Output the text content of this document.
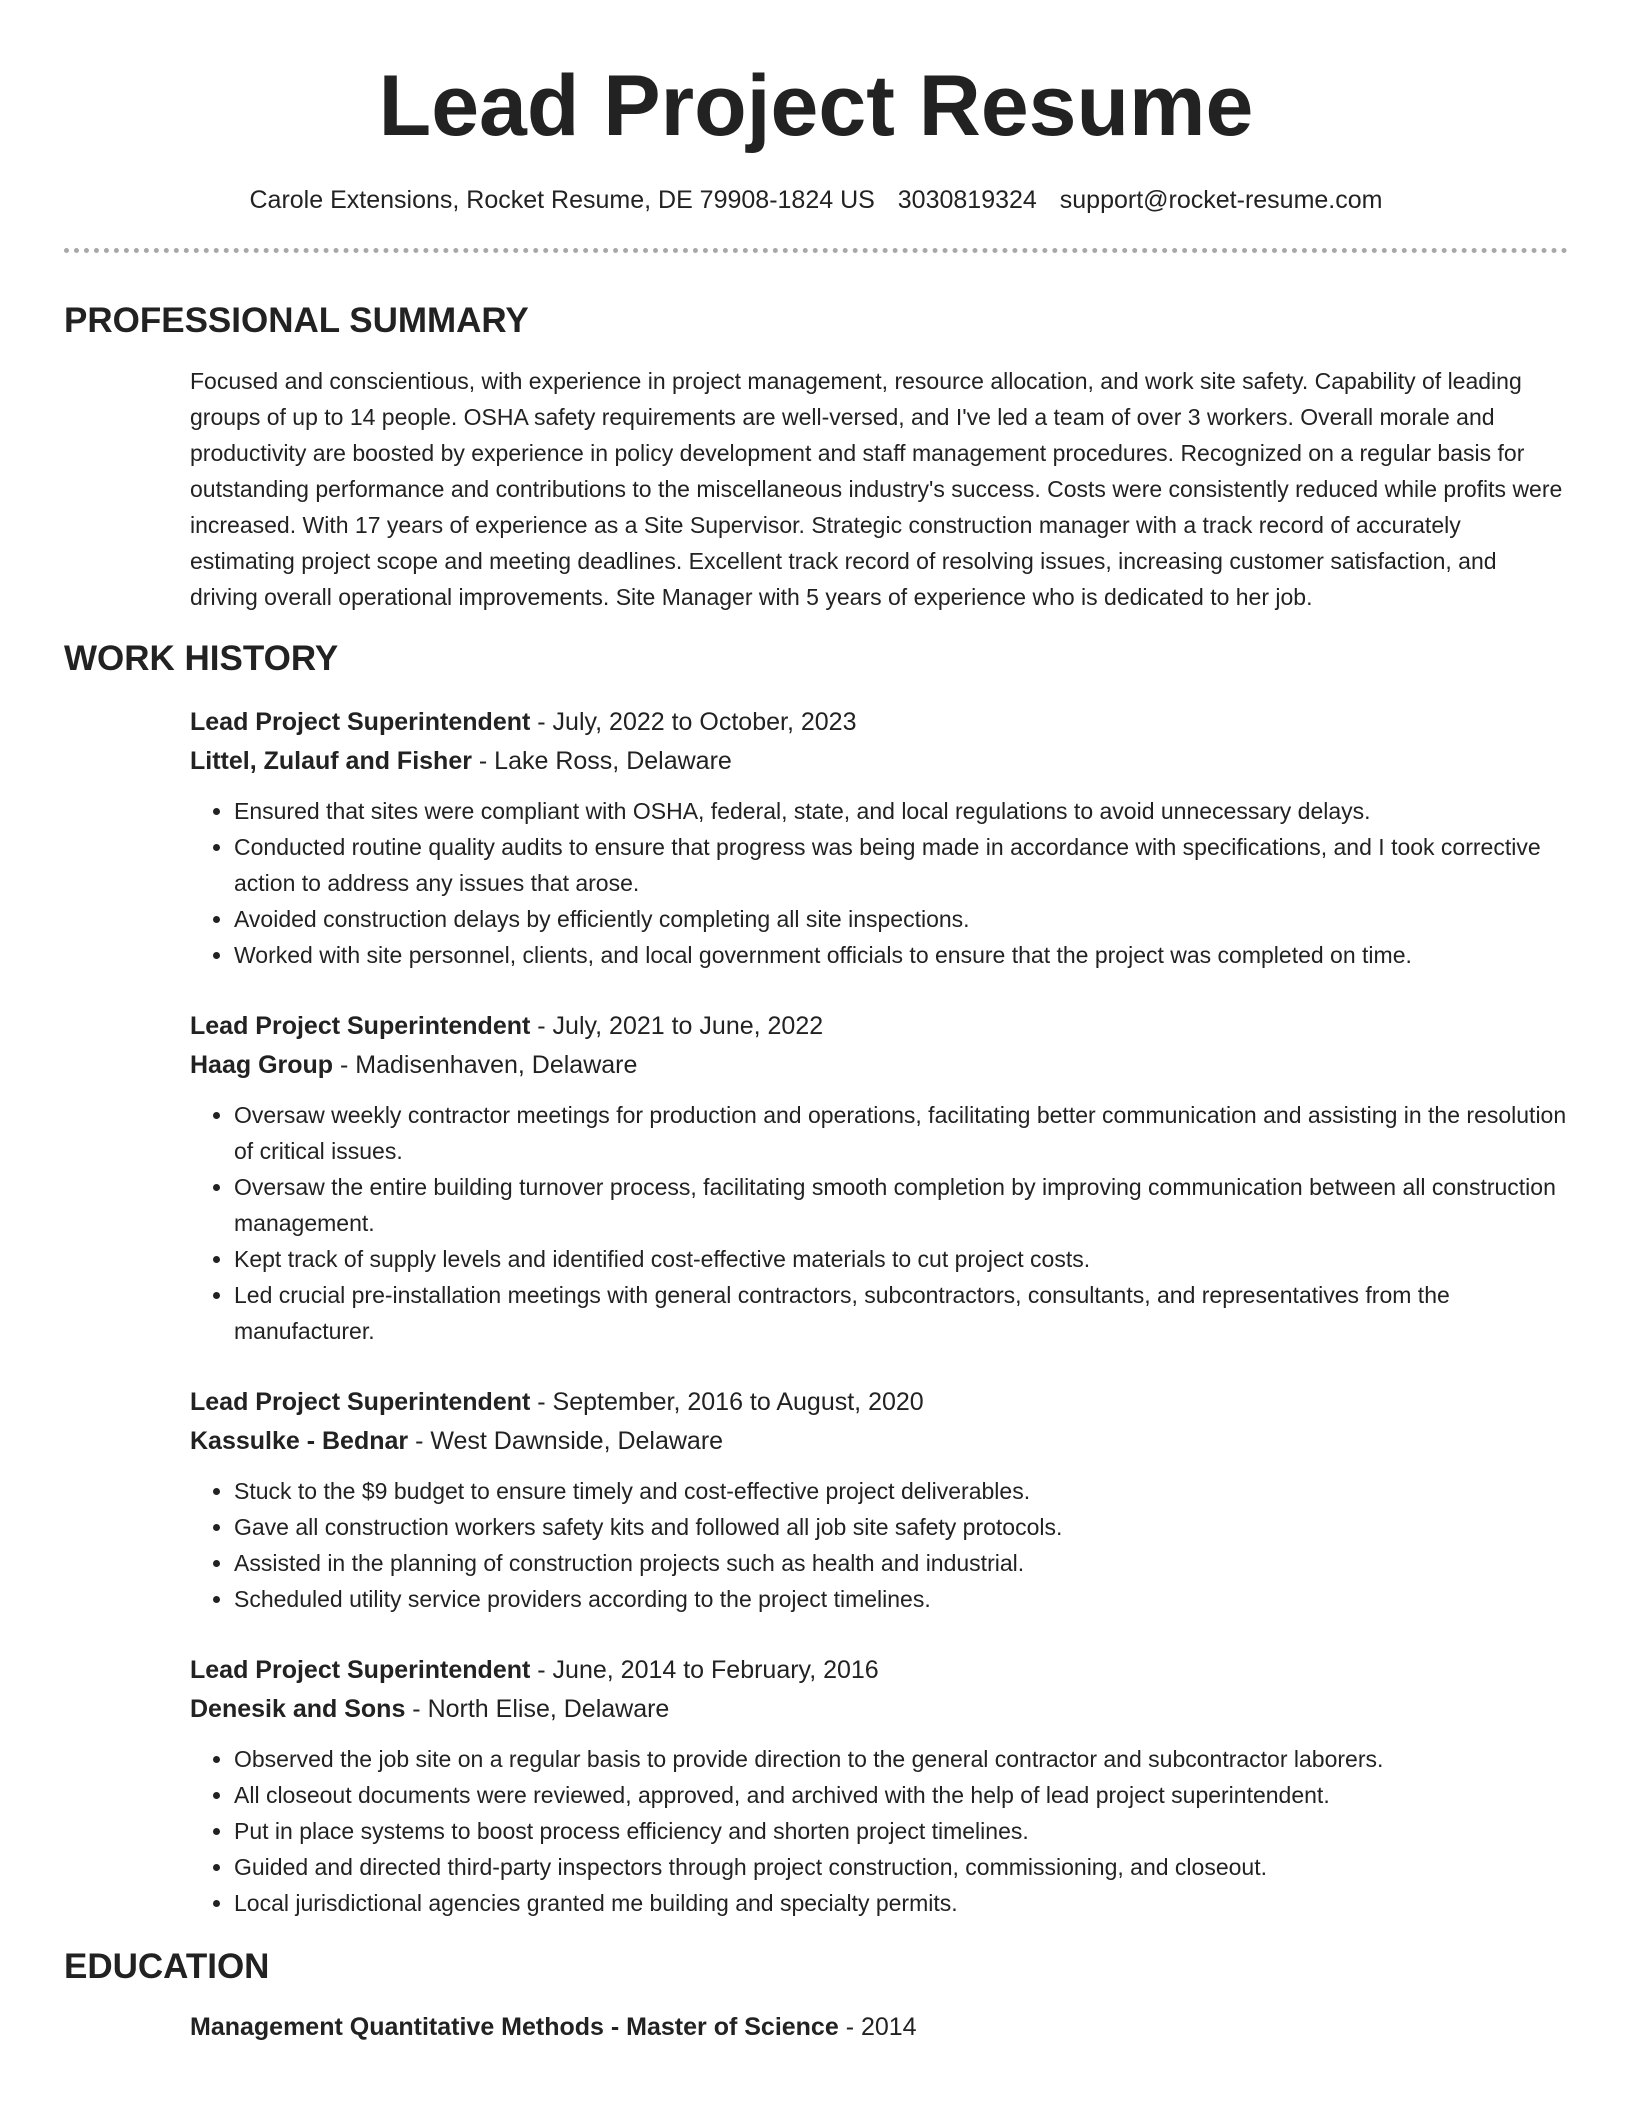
Lead Project Resume
Carole Extensions, Rocket Resume, DE 79908-1824 US 3030819324 support@rocket-resume.com
PROFESSIONAL SUMMARY
Focused and conscientious, with experience in project management, resource allocation, and work site safety. Capability of leading groups of up to 14 people. OSHA safety requirements are well-versed, and I've led a team of over 3 workers. Overall morale and productivity are boosted by experience in policy development and staff management procedures. Recognized on a regular basis for outstanding performance and contributions to the miscellaneous industry's success. Costs were consistently reduced while profits were increased. With 17 years of experience as a Site Supervisor. Strategic construction manager with a track record of accurately estimating project scope and meeting deadlines. Excellent track record of resolving issues, increasing customer satisfaction, and driving overall operational improvements. Site Manager with 5 years of experience who is dedicated to her job.
WORK HISTORY
Lead Project Superintendent - July, 2022 to October, 2023
Littel, Zulauf and Fisher - Lake Ross, Delaware
• Ensured that sites were compliant with OSHA, federal, state, and local regulations to avoid unnecessary delays.
• Conducted routine quality audits to ensure that progress was being made in accordance with specifications, and I took corrective action to address any issues that arose.
• Avoided construction delays by efficiently completing all site inspections.
• Worked with site personnel, clients, and local government officials to ensure that the project was completed on time.
Lead Project Superintendent - July, 2021 to June, 2022
Haag Group - Madisenhaven, Delaware
• Oversaw weekly contractor meetings for production and operations, facilitating better communication and assisting in the resolution of critical issues.
• Oversaw the entire building turnover process, facilitating smooth completion by improving communication between all construction management.
• Kept track of supply levels and identified cost-effective materials to cut project costs.
• Led crucial pre-installation meetings with general contractors, subcontractors, consultants, and representatives from the manufacturer.
Lead Project Superintendent - September, 2016 to August, 2020
Kassulke - Bednar - West Dawnside, Delaware
• Stuck to the $9 budget to ensure timely and cost-effective project deliverables.
• Gave all construction workers safety kits and followed all job site safety protocols.
• Assisted in the planning of construction projects such as health and industrial.
• Scheduled utility service providers according to the project timelines.
Lead Project Superintendent - June, 2014 to February, 2016
Denesik and Sons - North Elise, Delaware
• Observed the job site on a regular basis to provide direction to the general contractor and subcontractor laborers.
• All closeout documents were reviewed, approved, and archived with the help of lead project superintendent.
• Put in place systems to boost process efficiency and shorten project timelines.
• Guided and directed third-party inspectors through project construction, commissioning, and closeout.
• Local jurisdictional agencies granted me building and specialty permits.
EDUCATION
Management Quantitative Methods - Master of Science - 2014
